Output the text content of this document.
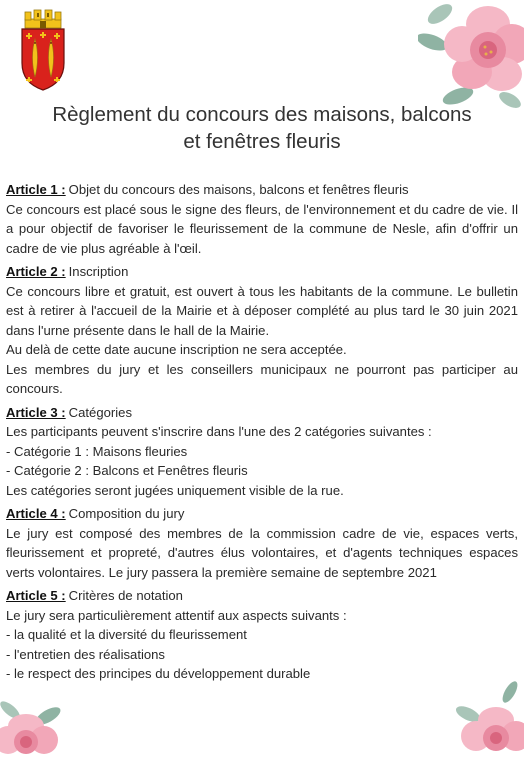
Règlement du concours des maisons, balcons
et fenêtres fleuris
Article 1 : Objet du concours des maisons, balcons et fenêtres fleuris
Ce concours est placé sous le signe des fleurs, de l'environnement et du cadre de vie. Il a pour objectif de favoriser le fleurissement de la commune de Nesle, afin d'offrir un cadre de vie plus agréable à l'œil.
Article 2 : Inscription
Ce concours libre et gratuit, est ouvert à tous les habitants de la commune. Le bulletin est à retirer à l'accueil de la Mairie et à déposer complété au plus tard le 30 juin 2021 dans l'urne présente dans le hall de la Mairie.
Au delà de cette date aucune inscription ne sera acceptée.
Les membres du jury et les conseillers municipaux ne pourront pas participer au concours.
Article 3 : Catégories
Les participants peuvent s'inscrire dans l'une des 2 catégories suivantes :
- Catégorie 1 : Maisons fleuries
- Catégorie 2 : Balcons et Fenêtres fleuris
Les catégories seront jugées uniquement visible de la rue.
Article 4 : Composition du jury
Le jury est composé des membres de la commission cadre de vie, espaces verts, fleurissement et propreté, d'autres élus volontaires, et d'agents techniques espaces verts volontaires. Le jury passera la première semaine de septembre 2021
Article 5 : Critères de notation
Le jury sera particulièrement attentif aux aspects suivants :
- la qualité et la diversité du fleurissement
- l'entretien des réalisations
- le respect des principes du développement durable
